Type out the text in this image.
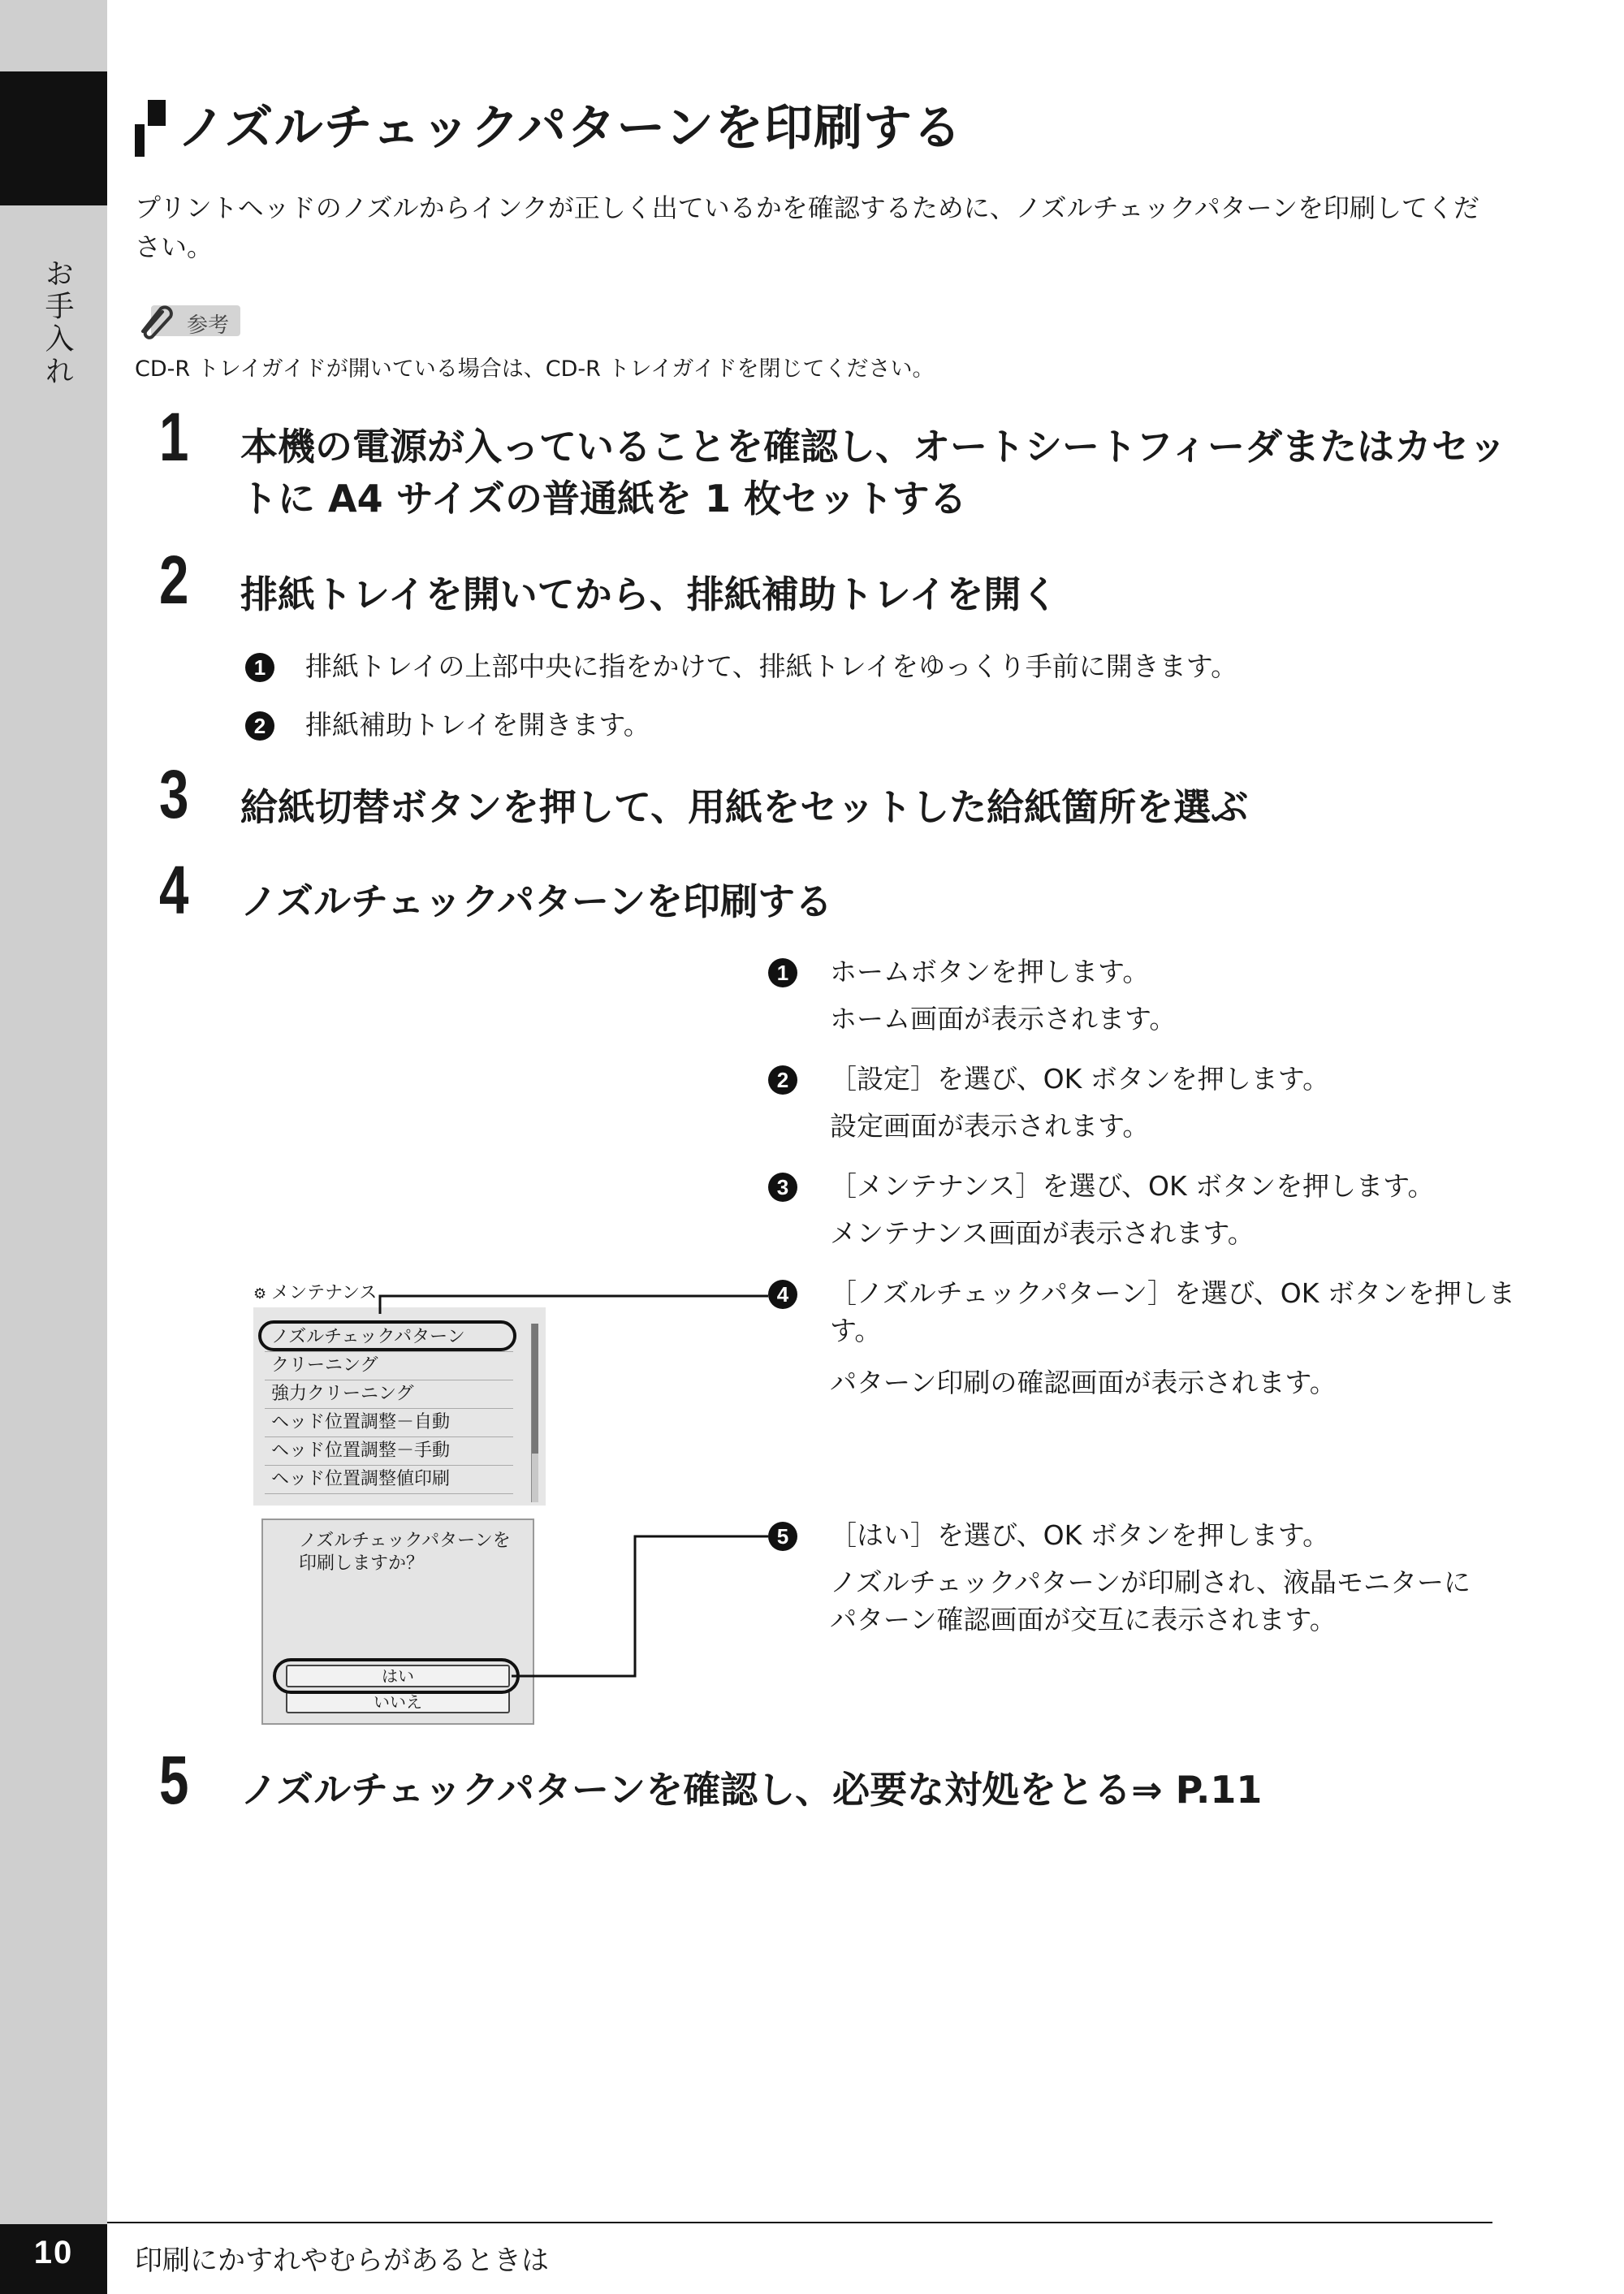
お手入れ
ノズルチェックパターンを印刷する
プリントヘッドのノズルからインクが正しく出ているかを確認するために、ノズルチェックパターンを印刷してください。
参考
CD-R トレイガイドが開いている場合は、CD-R トレイガイドを閉じてください。
1 本機の電源が入っていることを確認し、オートシートフィーダまたはカセットに A4 サイズの普通紙を 1 枚セットする
2 排紙トレイを開いてから、排紙補助トレイを開く
1	排紙トレイの上部中央に指をかけて、排紙トレイをゆっくり手前に開きます。
2	排紙補助トレイを開きます。
3 給紙切替ボタンを押して、用紙をセットした給紙箇所を選ぶ
4 ノズルチェックパターンを印刷する
1	ホームボタンを押します。
ホーム画面が表示されます。
2	［設定］を選び、OK ボタンを押します。
設定画面が表示されます。
3	［メンテナンス］を選び、OK ボタンを押します。
メンテナンス画面が表示されます。
4	［ノズルチェックパターン］を選び、OK ボタンを押します。
パターン印刷の確認画面が表示されます。
5	［はい］を選び、OK ボタンを押します。
ノズルチェックパターンが印刷され、液晶モニターにパターン確認画面が交互に表示されます。
⚙ メンテナンス
ノズルチェックパターン
クリーニング
強力クリーニング
ヘッド位置調整－自動
ヘッド位置調整－手動
ヘッド位置調整値印刷
ノズルチェックパターンを印刷しますか？
はい
いいえ
5 ノズルチェックパターンを確認し、必要な対処をとる⇒ P.11
10	印刷にかすれやむらがあるときは
